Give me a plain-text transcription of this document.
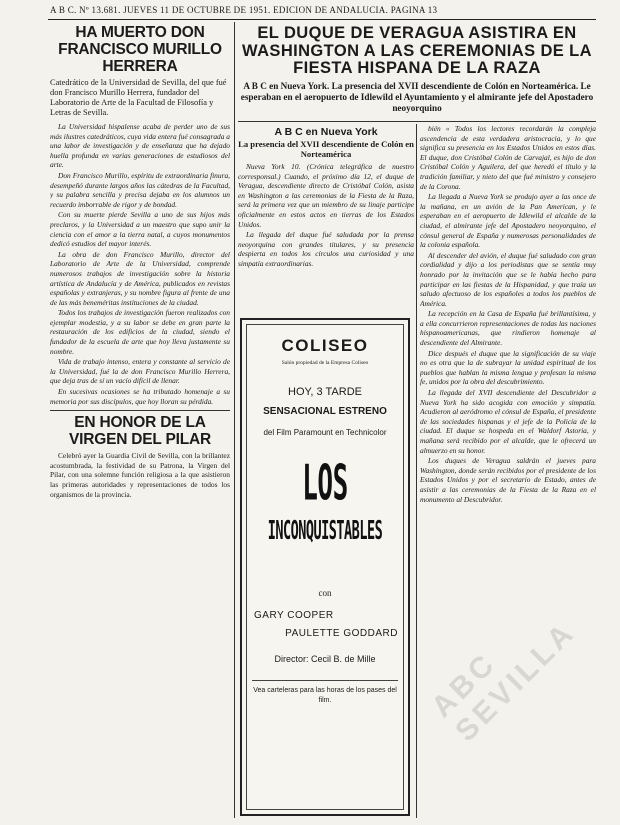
A B C. Nº 13.681. JUEVES 11 DE OCTUBRE DE 1951. EDICION DE ANDALUCIA. PAGINA 13
HA MUERTO DON FRANCISCO MURILLO HERRERA
Catedrático de la Universidad de Sevilla, del que fué don Francisco Murillo Herrera, fundador del Laboratorio de Arte de la Facultad de Filosofía y Letras de Sevilla.

La Universidad hispalense acaba de perder uno de sus más ilustres catedráticos, cuya vida entera fué consagrada a una labor de investigación y de enseñanza que ha dejado huella profunda en varias generaciones de estudiosos del arte.

Don Francisco Murillo, espíritu de extraordinaria finura, desempeñó durante largos años las cátedras de la Facultad, y su palabra sencilla y precisa dejaba en los alumnos un recuerdo imborrable de rigor y de bondad.

Con su muerte pierde Sevilla a uno de sus hijos más preclaros, y la Universidad a un maestro que supo unir la ciencia con el amor a la tierra natal, a cuyos monumentos dedicó estudios del mayor interés.

La obra de don Francisco Murillo, director del Laboratorio de Arte de la Universidad, comprende numerosos trabajos de investigación sobre la historia artística de Andalucía y de América, publicados en revistas españolas y extranjeras, y su nombre figura al frente de una de las más beneméritas instituciones de la ciudad.

Todos los trabajos de investigación fueron realizados con ejemplar modestia, y a su labor se debe en gran parte la restauración de los edificios de la ciudad, siendo el fundador de la escuela de arte que hoy lleva justamente su nombre.

Vida de trabajo intenso, entera y constante al servicio de la Universidad, fué la de don Francisco Murillo Herrera, que deja tras de sí un vacío difícil de llenar.

En sucesivas ocasiones se ha tributado homenaje a su memoria por sus discípulos, que hoy lloran su pérdida.

EN HONOR DE LA VIRGEN DEL PILAR

Celebró ayer la Guardia Civil de Sevilla, con la brillantez acostumbrada, la festividad de su Patrona, la Virgen del Pilar, con una solemne función religiosa a la que asistieron las primeras autoridades y representaciones de todos los organismos de la provincia.

EL DUQUE DE VERAGUA ASISTIRA EN WASHINGTON A LAS CEREMONIAS DE LA FIESTA HISPANA DE LA RAZA
A B C en Nueva York. La presencia del XVII descendiente de Colón en Norteamérica. Le esperaban en el aeropuerto de Idlewild el Ayuntamiento y el almirante jefe del Apostadero neoyorquino
A B C en Nueva York
La presencia del XVII descendiente de Colón en Norteamérica

Nueva York 10. (Crónica telegráfica de nuestro corresponsal.) Cuando, el próximo día 12, el duque de Veragua, descendiente directo de Cristóbal Colón, asista en Washington a las ceremonias de la Fiesta de la Raza, será la primera vez que un miembro de su linaje participe oficialmente en estos actos en tierras de los Estados Unidos.

La llegada del duque fué saludada por la prensa neoyorquina con grandes titulares, y su presencia despierta en todos los círculos una curiosidad y una simpatía extraordinarias.

COLISEO
Salón propiedad de la Empresa Coliseo
HOY, 3 TARDE
SENSACIONAL ESTRENO
del Film Paramount en Technicolor
LOS
INCONQUISTABLES
con
GARY COOPER
PAULETTE GODDARD
Director: Cecil B. de Mille
Vea carteleras para las horas de los pases del film.

bién « Todos los lectores recordarán la compleja ascendencia de esta verdadera aristocracia, y lo que significa su presencia en los Estados Unidos en estos días. El duque, don Cristóbal Colón de Carvajal, es hijo de don Cristóbal Colón y Aguilera, del que heredó el título y la tradición familiar, y nieto del que fué ministro y consejero de la Corona.

La llegada a Nueva York se produjo ayer a las once de la mañana, en un avión de la Pan American, y le esperaban en el aeropuerto de Idlewild el alcalde de la ciudad, el almirante jefe del Apostadero neoyorquino, el cónsul general de España y numerosas personalidades de la colonia española.

Al descender del avión, el duque fué saludado con gran cordialidad y dijo a los periodistas que se sentía muy honrado por la invitación que se le había hecho para participar en las fiestas de la Hispanidad, y que traía un saludo afectuoso de los españoles a todos los pueblos de América.

La recepción en la Casa de España fué brillantísima, y a ella concurrieron representaciones de todas las naciones hispanoamericanas, que rindieron homenaje al descendiente del Almirante.

Dice después el duque que la significación de su viaje no es otra que la de subrayar la unidad espiritual de los pueblos que hablan la misma lengua y profesan la misma fe, unidos por la obra del descubrimiento.

La llegada del XVII descendiente del Descubridor a Nueva York ha sido acogida con emoción y simpatía. Acudieron al aeródromo el cónsul de España, el presidente de las sociedades hispanas y el jefe de la Policía de la ciudad. El duque se hospeda en el Waldorf Astoria, y mañana será recibido por el alcalde, que le ofrecerá un almuerzo en su honor.

Los duques de Veragua saldrán el jueves para Washington, donde serán recibidos por el presidente de los Estados Unidos y por el secretario de Estado, antes de asistir a las ceremonias de la Fiesta de la Raza en el monumento al Descubridor.

ABC SEVILLA
